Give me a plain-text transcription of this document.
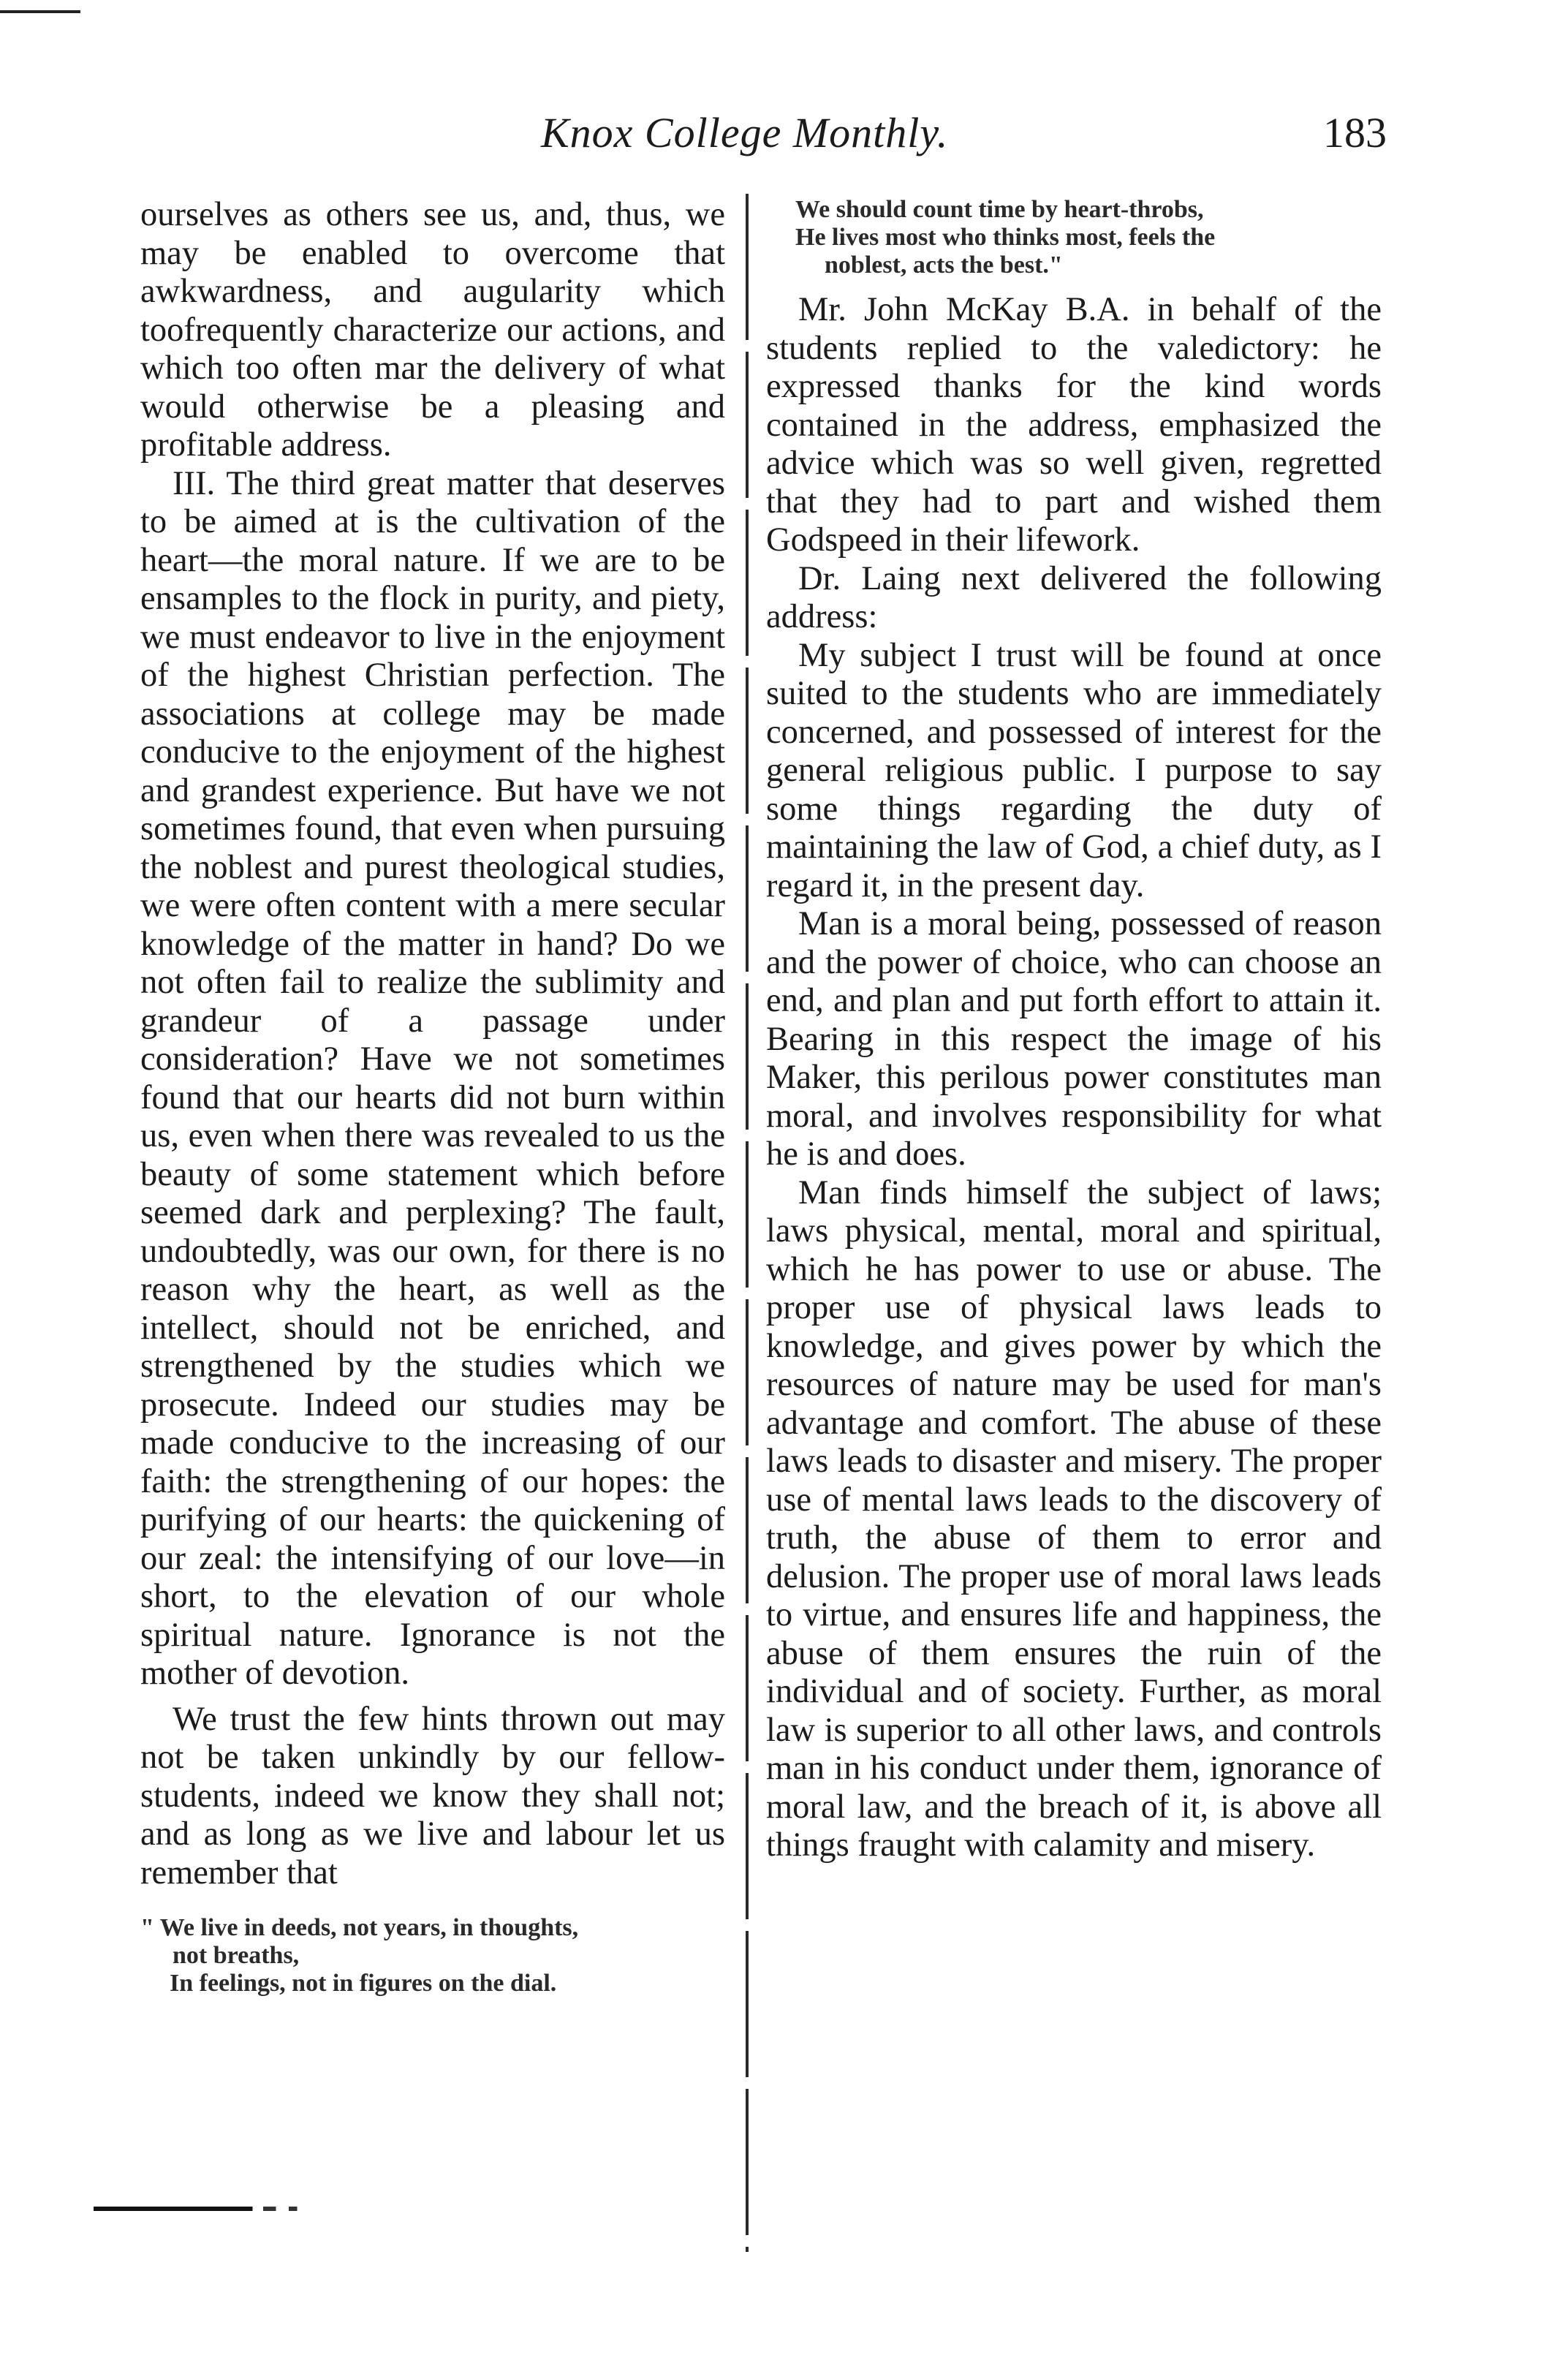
Knox College Monthly.	183

ourselves as others see us, and, thus, we may be enabled to overcome that awkwardness, and augularity which toofrequently characterize our actions, and which too often mar the delivery of what would otherwise be a pleasing and profitable address.

III. The third great matter that deserves to be aimed at is the cultivation of the heart—the moral nature. If we are to be ensamples to the flock in purity, and piety, we must endeavor to live in the enjoyment of the highest Christian perfection. The associations at college may be made conducive to the enjoyment of the highest and grandest experience. But have we not sometimes found, that even when pursuing the noblest and purest theological studies, we were often content with a mere secular knowledge of the matter in hand? Do we not often fail to realize the sublimity and grandeur of a passage under consideration? Have we not sometimes found that our hearts did not burn within us, even when there was revealed to us the beauty of some statement which before seemed dark and perplexing? The fault, undoubtedly, was our own, for there is no reason why the heart, as well as the intellect, should not be enriched, and strengthened by the studies which we prosecute. Indeed our studies may be made conducive to the increasing of our faith: the strengthening of our hopes: the purifying of our hearts: the quickening of our zeal: the intensifying of our love—in short, to the elevation of our whole spiritual nature. Ignorance is not the mother of devotion.

We trust the few hints thrown out may not be taken unkindly by our fellow-students, indeed we know they shall not; and as long as we live and labour let us remember that

" We live in deeds, not years, in thoughts,
not breaths,
In feelings, not in figures on the dial.
We should count time by heart-throbs,
He lives most who thinks most, feels the
noblest, acts the best."

Mr. John McKay B.A. in behalf of the students replied to the valedictory: he expressed thanks for the kind words contained in the address, emphasized the advice which was so well given, regretted that they had to part and wished them Godspeed in their lifework.

Dr. Laing next delivered the following address:

My subject I trust will be found at once suited to the students who are immediately concerned, and possessed of interest for the general religious public. I purpose to say some things regarding the duty of maintaining the law of God, a chief duty, as I regard it, in the present day.

Man is a moral being, possessed of reason and the power of choice, who can choose an end, and plan and put forth effort to attain it. Bearing in this respect the image of his Maker, this perilous power constitutes man moral, and involves responsibility for what he is and does.

Man finds himself the subject of laws; laws physical, mental, moral and spiritual, which he has power to use or abuse. The proper use of physical laws leads to knowledge, and gives power by which the resources of nature may be used for man's advantage and comfort. The abuse of these laws leads to disaster and misery. The proper use of mental laws leads to the discovery of truth, the abuse of them to error and delusion. The proper use of moral laws leads to virtue, and ensures life and happiness, the abuse of them ensures the ruin of the individual and of society. Further, as moral law is superior to all other laws, and controls man in his conduct under them, ignorance of moral law, and the breach of it, is above all things fraught with calamity and misery.
